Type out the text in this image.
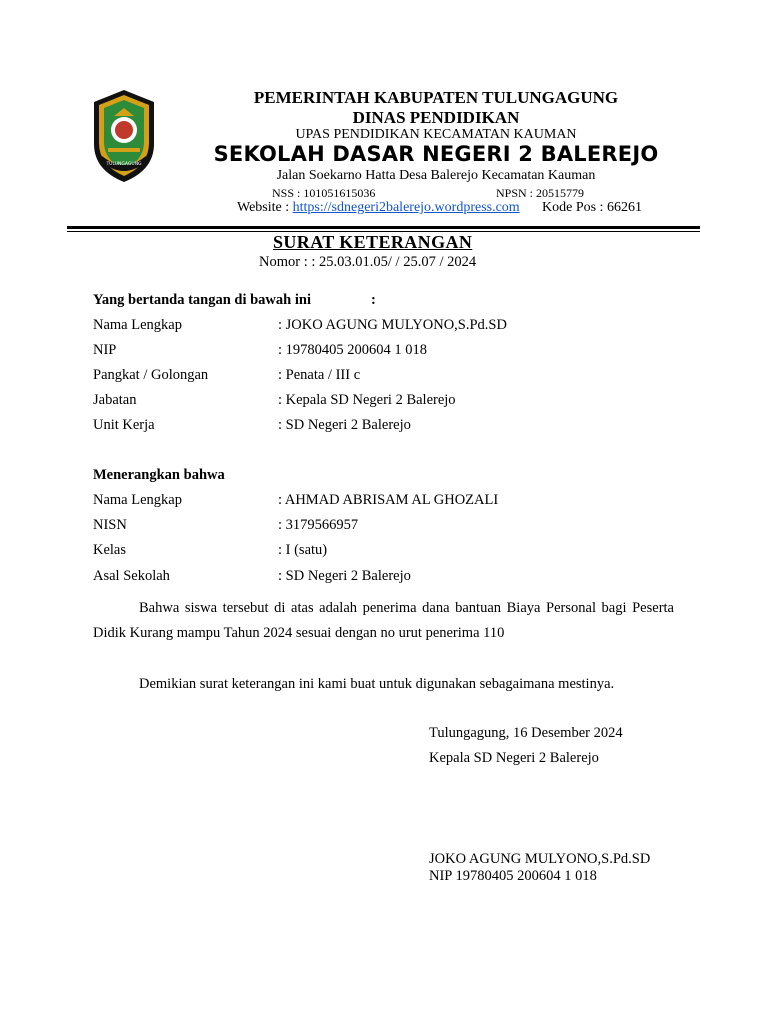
TULUNGAGUNG
PEMERINTAH KABUPATEN TULUNGAGUNG
DINAS PENDIDIKAN
UPAS PENDIDIKAN KECAMATAN KAUMAN
SEKOLAH DASAR NEGERI 2 BALEREJO
Jalan Soekarno Hatta Desa Balerejo Kecamatan Kauman
NSS : 101051615036	NPSN : 20515779
Website : https://sdnegeri2balerejo.wordpress.com Kode Pos : 66261
SURAT KETERANGAN
Nomor : : 25.03.01.05/ / 25.07 / 2024
Yang bertanda tangan di bawah ini	:
Nama Lengkap	: JOKO AGUNG MULYONO,S.Pd.SD
NIP	: 19780405 200604 1 018
Pangkat / Golongan	: Penata / III c
Jabatan	: Kepala SD Negeri 2 Balerejo
Unit Kerja	: SD Negeri 2 Balerejo
Menerangkan bahwa
Nama Lengkap	: AHMAD ABRISAM AL GHOZALI
NISN	: 3179566957
Kelas	: I (satu)
Asal Sekolah	: SD Negeri 2 Balerejo
Bahwa siswa tersebut di atas adalah penerima dana bantuan Biaya Personal bagi Peserta Didik Kurang mampu Tahun 2024 sesuai dengan no urut penerima 110
Demikian surat keterangan ini kami buat untuk digunakan sebagaimana mestinya.
Tulungagung, 16 Desember 2024
Kepala SD Negeri 2 Balerejo
JOKO AGUNG MULYONO,S.Pd.SD
NIP 19780405 200604 1 018
